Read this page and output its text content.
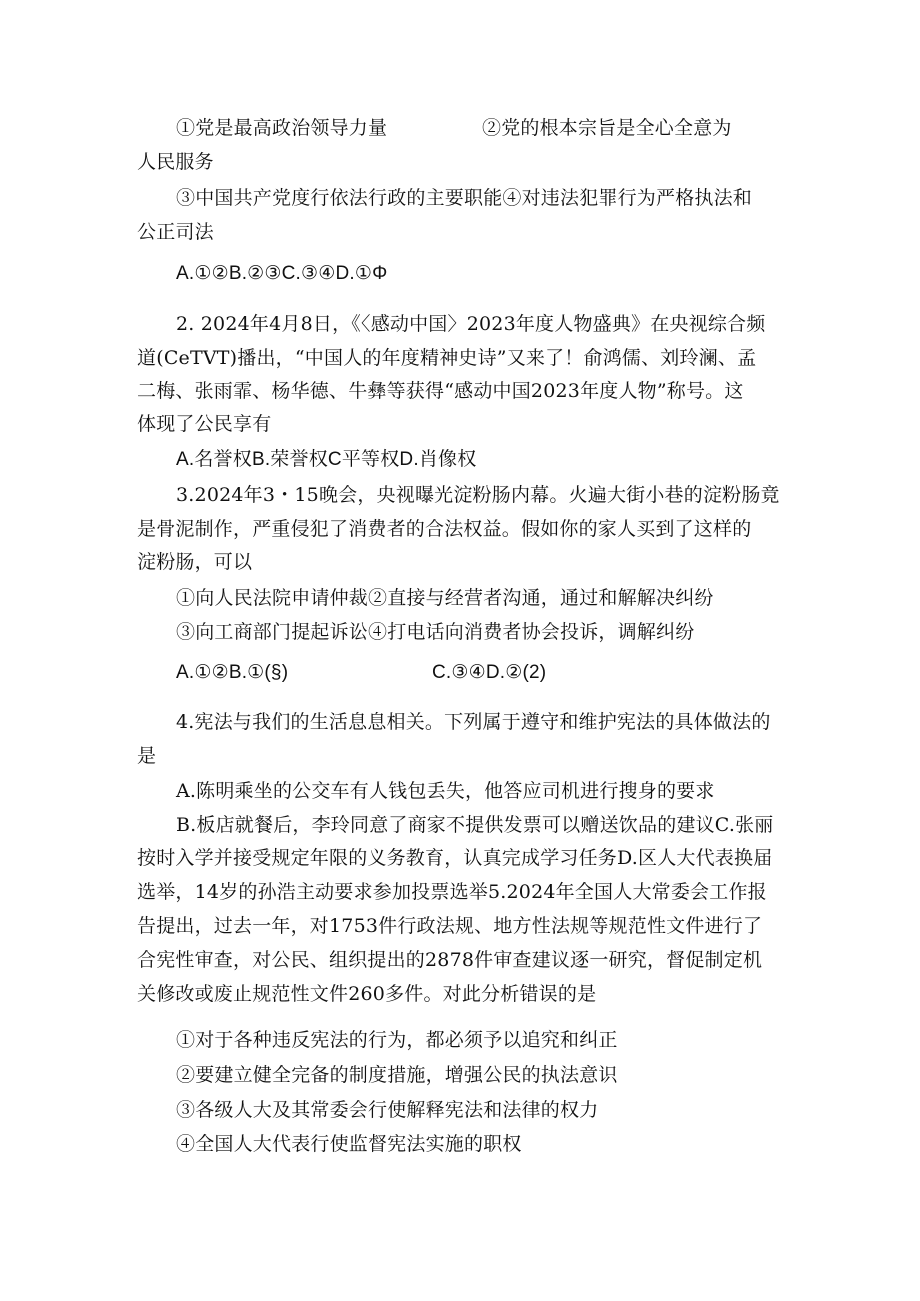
①党是最高政治领导力量	②党的根本宗旨是全心全意为
人民服务
③中国共产党度行依法行政的主要职能④对违法犯罪行为严格执法和
公正司法
A.①②B.②③C.③④D.①Φ
2. 2024年4月8日，《〈感动中国〉2023年度人物盛典》在央视综合频
道(CeTVT)播出，“中国人的年度精神史诗”又来了！俞鸿儒、刘玲澜、孟
二梅、张雨霏、杨华德、牛彝等获得“感动中国2023年度人物”称号。这
体现了公民享有
A.名誉权B.荣誉权C平等权D.肖像权
3.2024年3・15晚会，央视曝光淀粉肠内幕。火遍大街小巷的淀粉肠竟
是骨泥制作，严重侵犯了消费者的合法权益。假如你的家人买到了这样的
淀粉肠，可以
①向人民法院申请仲裁②直接与经营者沟通，通过和解解决纠纷
③向工商部门提起诉讼④打电话向消费者协会投诉，调解纠纷
A.①②B.①(§)	C.③④D.②(2)
4.宪法与我们的生活息息相关。下列属于遵守和维护宪法的具体做法的
是
A.陈明乘坐的公交车有人钱包丢失，他答应司机进行搜身的要求
B.板店就餐后，李玲同意了商家不提供发票可以赠送饮品的建议C.张丽
按时入学并接受规定年限的义务教育，认真完成学习任务D.区人大代表换届
选举，14岁的孙浩主动要求参加投票选举5.2024年全国人大常委会工作报
告提出，过去一年，对1753件行政法规、地方性法规等规范性文件进行了
合宪性审查，对公民、组织提出的2878件审查建议逐一研究，督促制定机
关修改或废止规范性文件260多件。对此分析错误的是
①对于各种违反宪法的行为，都必须予以追究和纠正
②要建立健全完备的制度措施，增强公民的执法意识
③各级人大及其常委会行使解释宪法和法律的权力
④全国人大代表行使监督宪法实施的职权
